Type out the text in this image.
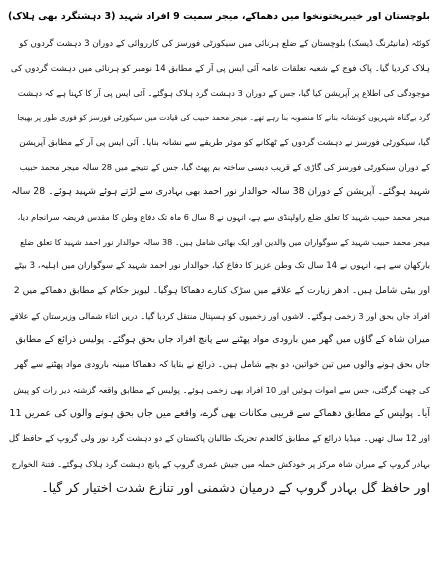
بلوچستان اور خیبرپختونخوا میں دھماکے، میجر سمیت 9 افراد شہید (3 دہشتگرد بھی ہلاک)
کوئٹہ (مانیٹرنگ ڈیسک) بلوچستان کے ضلع ہرنائی میں سیکورٹی فورسز کی کارروائی کے دوران 3 دہشت گردوں کو
ہلاک کردیا گیا۔ پاک فوج کے شعبہ تعلقات عامہ آئی ایس پی آر کے مطابق 14 نومبر کو ہرنائی میں دہشت گردوں کی
موجودگی کی اطلاع پر آپریشن کیا گیا، جس کے دوران 3 دہشت گرد ہلاک ہوگئے۔ آئی ایس پی آر کا کہنا ہے کہ دہشت
گرد بےگناہ شہریوں کونشانہ بنانے کا منصوبہ بنا رہے تھے۔ میجر محمد حبیب کی قیادت میں سیکورٹی فورسز کو فوری طور پر بھیجا
گیا، سیکورٹی فورسز نے دہشت گردوں کے ٹھکانے کو موثر طریقے سے نشانہ بنایا۔ آئی ایس پی آر کے مطابق آپریشن
کے دوران سیکورٹی فورسز کی گاڑی کے قریب دیسی ساختہ بم پھٹ گیا، جس کے نتیجے میں 28 سالہ میجر محمد حبیب
شہید ہوگئے۔ آپریشن کے دوران 38 سالہ حوالدار نور احمد بھی بہادری سے لڑتے ہوئے شہید ہوئے۔ 28 سالہ
میجر محمد حبیب شہید کا تعلق ضلع راولپنڈی سے ہے، انہوں نے 8 سال 6 ماہ تک دفاع وطن کا مقدس فریضہ سرانجام دیا،
میجر محمد حبیب شہید کے سوگواران میں والدین اور ایک بھائی شامل ہیں۔ 38 سالہ حوالدار نور احمد شہید کا تعلق ضلع
بارکھان سے ہے، انہوں نے 14 سال تک وطن عزیز کا دفاع کیا، حوالدار نور احمد شہید کے سوگواران میں اہلیہ، 3 بیٹے
اور بیٹی شامل ہیں۔ ادھر زیارت کے علاقے میں سڑک کنارے دھماکا ہوگیا۔ لیویز حکام کے مطابق دھماکے میں 2
افراد جاں بحق اور 3 زخمی ہوگئے۔ لاشوں اور زخمیوں کو ہسپتال منتقل کردیا گیا۔ دریں اثناء شمالی وزیرستان کے علاقے
میران شاہ کے گاؤں میں گھر میں بارودی مواد پھٹنے سے پانچ افراد جاں بحق ہوگئے۔ پولیس ذرائع کے مطابق
جاں بحق ہونے والوں میں تین خواتین، دو بچے شامل ہیں۔ ذرائع نے بتایا کہ دھماکا مبینہ بارودی مواد پھٹنے سے گھر
کی چھت گرگئی، جس سے اموات ہوئیں اور 10 افراد بھی زخمی ہوئے۔ پولیس کے مطابق واقعہ گزشتہ دیر رات کو پیش
آیا۔ پولیس کے مطابق دھماکے سے قریبی مکانات بھی گرے، واقعے میں جاں بحق ہونے والوں کی عمریں 11
اور 12 سال تھیں۔ میڈیا ذرائع کے مطابق کالعدم تحریک طالبان پاکستان کے دو دہشت گرد نور ولی گروپ کے حافظ گل
بہادر گروپ کے میران شاہ مرکز پر خودکش حملہ میں جیش عمری گروپ کے پانچ دہشت گرد ہلاک ہوگئے۔ فتنۃ الخوارج
اور حافظ گل بہادر گروپ کے درمیان دشمنی اور تنازع شدت اختیار کر گیا۔
